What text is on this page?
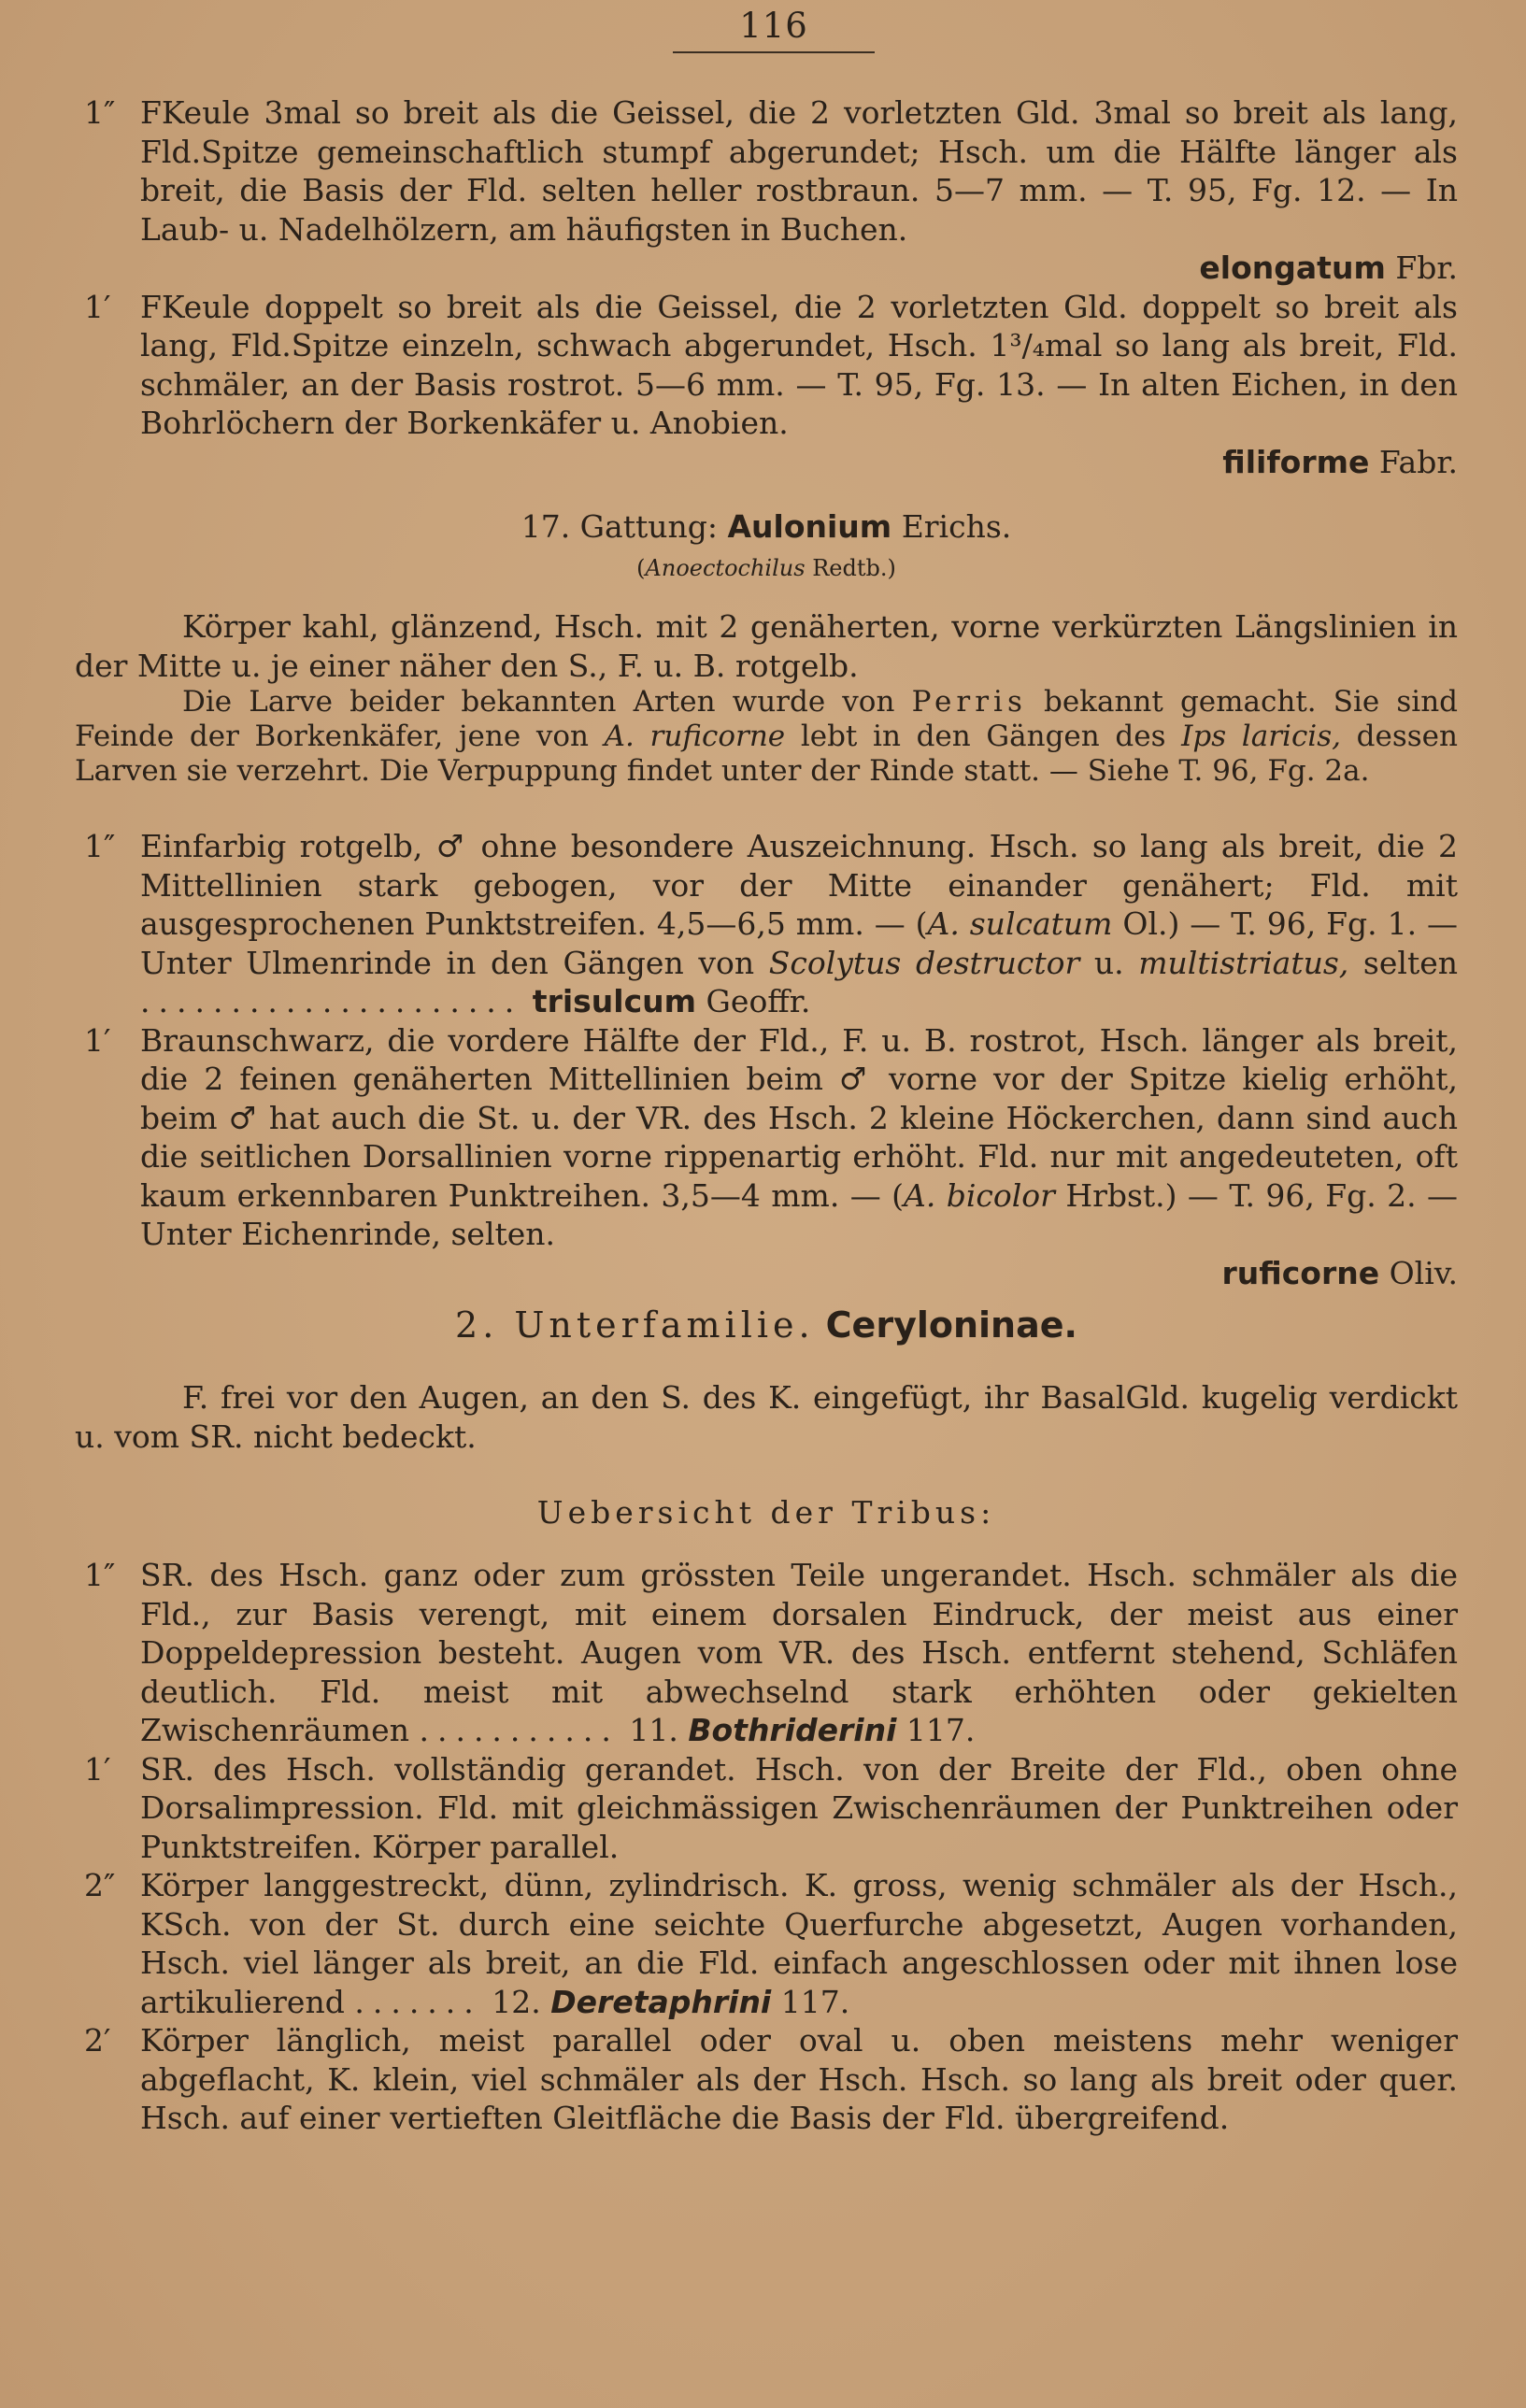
116

1″ FKeule 3mal so breit als die Geissel, die 2 vorletzten Gld. 3mal so breit als lang, Fld.Spitze gemeinschaftlich stumpf abgerundet; Hsch. um die Hälfte länger als breit, die Basis der Fld. selten heller rostbraun. 5—7 mm. — T. 95, Fg. 12. — In Laub- u. Nadelhölzern, am häufigsten in Buchen.

elongatum Fbr.

1′ FKeule doppelt so breit als die Geissel, die 2 vorletzten Gld. doppelt so breit als lang, Fld.Spitze einzeln, schwach abgerundet, Hsch. 1³/₄mal so lang als breit, Fld. schmäler, an der Basis rostrot. 5—6 mm. — T. 95, Fg. 13. — In alten Eichen, in den Bohrlöchern der Borkenkäfer u. Anobien.

filiforme Fabr.

17. Gattung: Aulonium Erichs.
(Anoectochilus Redtb.)

Körper kahl, glänzend, Hsch. mit 2 genäherten, vorne verkürzten Längslinien in der Mitte u. je einer näher den S., F. u. B. rotgelb.

Die Larve beider bekannten Arten wurde von Perris bekannt gemacht. Sie sind Feinde der Borkenkäfer, jene von A. ruficorne lebt in den Gängen des Ips laricis, dessen Larven sie verzehrt. Die Verpuppung findet unter der Rinde statt. — Siehe T. 96, Fg. 2a.

1″ Einfarbig rotgelb, ♂ ohne besondere Auszeichnung. Hsch. so lang als breit, die 2 Mittellinien stark gebogen, vor der Mitte einander genähert; Fld. mit ausgesprochenen Punktstreifen. 4,5—6,5 mm. — (A. sulcatum Ol.) — T. 96, Fg. 1. — Unter Ulmenrinde in den Gängen von Scolytus destructor u. multistriatus, selten ..................... trisulcum Geoffr.

1′ Braunschwarz, die vordere Hälfte der Fld., F. u. B. rostrot, Hsch. länger als breit, die 2 feinen genäherten Mittellinien beim ♂ vorne vor der Spitze kielig erhöht, beim ♂ hat auch die St. u. der VR. des Hsch. 2 kleine Höckerchen, dann sind auch die seitlichen Dorsallinien vorne rippenartig erhöht. Fld. nur mit angedeuteten, oft kaum erkennbaren Punktreihen. 3,5—4 mm. — (A. bicolor Hrbst.) — T. 96, Fg. 2. — Unter Eichenrinde, selten.

ruficorne Oliv.

2. Unterfamilie. Ceryloninae.

F. frei vor den Augen, an den S. des K. eingefügt, ihr BasalGld. kugelig verdickt u. vom SR. nicht bedeckt.

Uebersicht der Tribus:

1″ SR. des Hsch. ganz oder zum grössten Teile ungerandet. Hsch. schmäler als die Fld., zur Basis verengt, mit einem dorsalen Eindruck, der meist aus einer Doppeldepression besteht. Augen vom VR. des Hsch. entfernt stehend, Schläfen deutlich. Fld. meist mit abwechselnd stark erhöhten oder gekielten Zwischenräumen ........... 11. Bothriderini 117.

1′ SR. des Hsch. vollständig gerandet. Hsch. von der Breite der Fld., oben ohne Dorsalimpression. Fld. mit gleichmässigen Zwischenräumen der Punktreihen oder Punktstreifen. Körper parallel.

2″ Körper langgestreckt, dünn, zylindrisch. K. gross, wenig schmäler als der Hsch., KSch. von der St. durch eine seichte Querfurche abgesetzt, Augen vorhanden, Hsch. viel länger als breit, an die Fld. einfach angeschlossen oder mit ihnen lose artikulierend ....... 12. Deretaphrini 117.

2′ Körper länglich, meist parallel oder oval u. oben meistens mehr weniger abgeflacht, K. klein, viel schmäler als der Hsch. Hsch. so lang als breit oder quer. Hsch. auf einer vertieften Gleitfläche die Basis der Fld. übergreifend.
